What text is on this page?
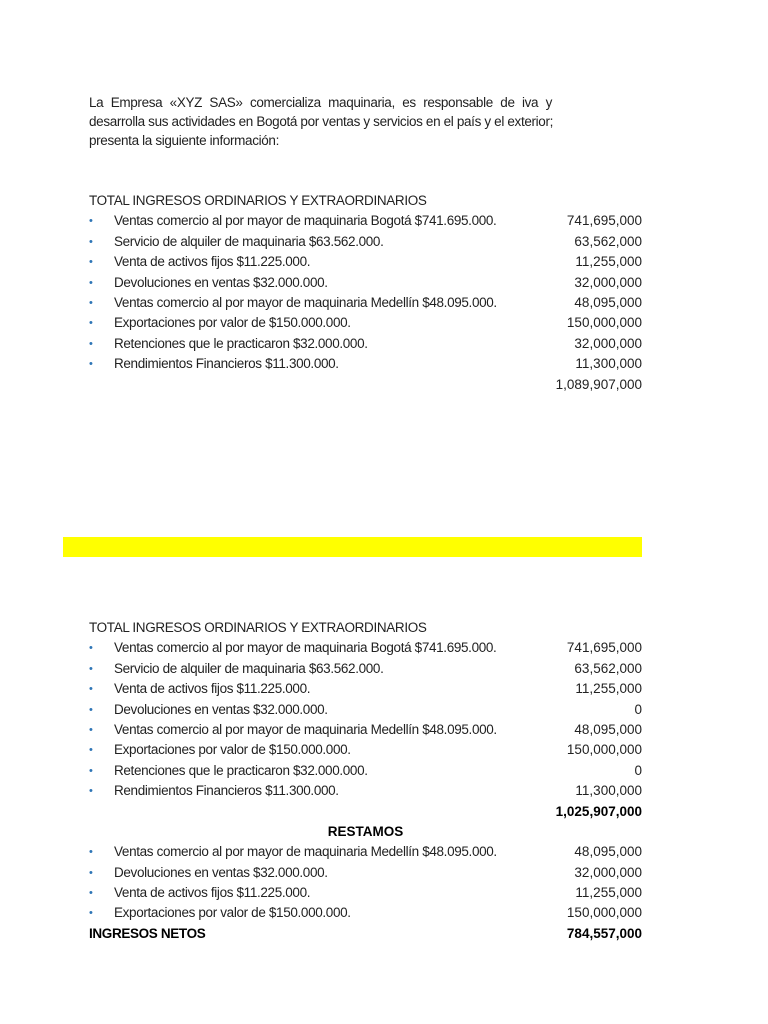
La Empresa «XYZ SAS» comercializa maquinaria, es responsable de iva y
desarrolla sus actividades en Bogotá por ventas y servicios en el país y el exterior;
presenta la siguiente información:
TOTAL INGRESOS ORDINARIOS Y EXTRAORDINARIOS
• Ventas comercio al por mayor de maquinaria Bogotá $741.695.000.	741,695,000
• Servicio de alquiler de maquinaria $63.562.000.	63,562,000
• Venta de activos fijos $11.225.000.	11,255,000
• Devoluciones en ventas $32.000.000.	32,000,000
• Ventas comercio al por mayor de maquinaria Medellín $48.095.000.	48,095,000
• Exportaciones por valor de $150.000.000.	150,000,000
• Retenciones que le practicaron $32.000.000.	32,000,000
• Rendimientos Financieros $11.300.000.	11,300,000
1,089,907,000
TOTAL INGRESOS ORDINARIOS Y EXTRAORDINARIOS
• Ventas comercio al por mayor de maquinaria Bogotá $741.695.000.	741,695,000
• Servicio de alquiler de maquinaria $63.562.000.	63,562,000
• Venta de activos fijos $11.225.000.	11,255,000
• Devoluciones en ventas $32.000.000.	0
• Ventas comercio al por mayor de maquinaria Medellín $48.095.000.	48,095,000
• Exportaciones por valor de $150.000.000.	150,000,000
• Retenciones que le practicaron $32.000.000.	0
• Rendimientos Financieros $11.300.000.	11,300,000
1,025,907,000
RESTAMOS
• Ventas comercio al por mayor de maquinaria Medellín $48.095.000.	48,095,000
• Devoluciones en ventas $32.000.000.	32,000,000
• Venta de activos fijos $11.225.000.	11,255,000
• Exportaciones por valor de $150.000.000.	150,000,000
INGRESOS NETOS	784,557,000
